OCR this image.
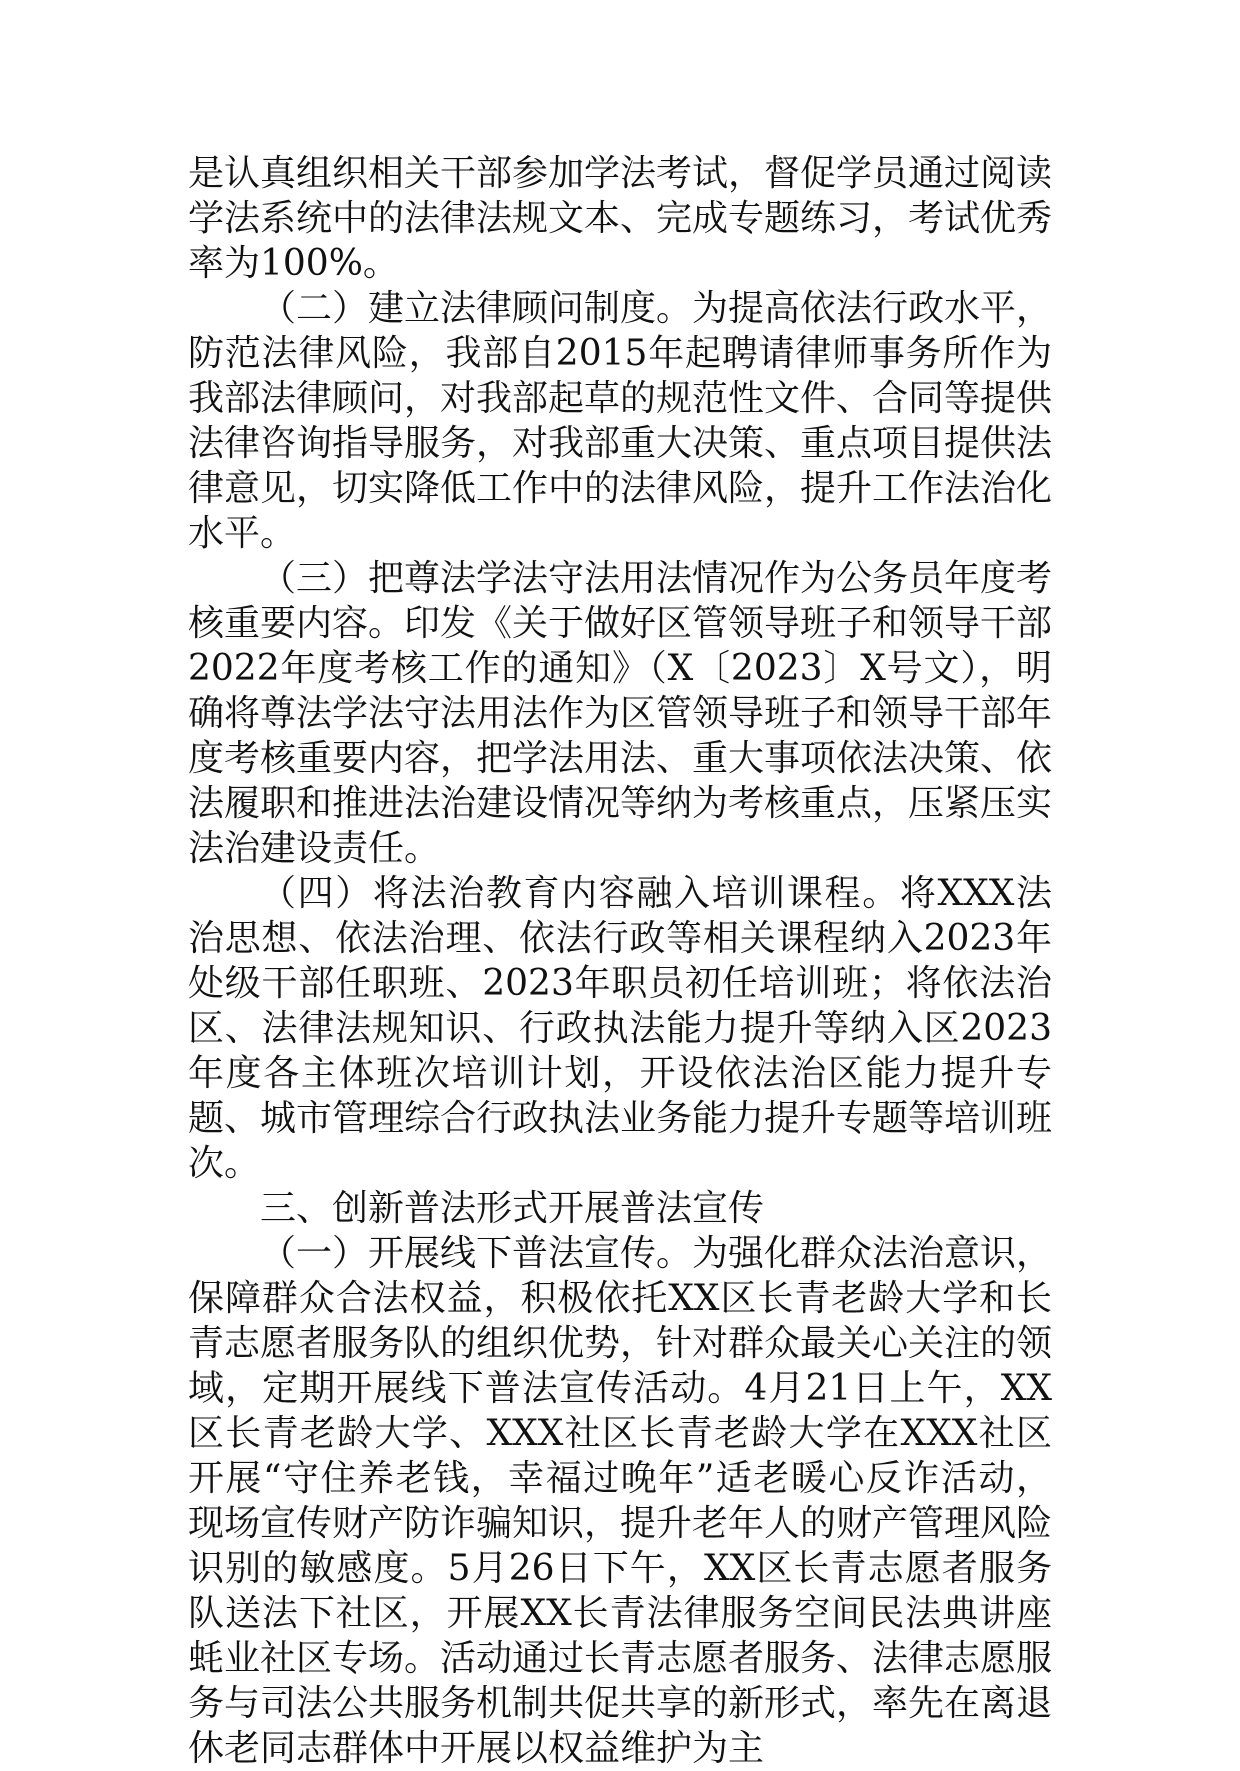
是认真组织相关干部参加学法考试，督促学员通过阅读学法系统中的法律法规文本、完成专题练习，考试优秀率为100%。

（二）建立法律顾问制度。为提高依法行政水平，防范法律风险，我部自2015年起聘请律师事务所作为我部法律顾问，对我部起草的规范性文件、合同等提供法律咨询指导服务，对我部重大决策、重点项目提供法律意见，切实降低工作中的法律风险，提升工作法治化水平。

（三）把尊法学法守法用法情况作为公务员年度考核重要内容。印发《关于做好区管领导班子和领导干部2022年度考核工作的通知》（X〔2023〕X号文），明确将尊法学法守法用法作为区管领导班子和领导干部年度考核重要内容，把学法用法、重大事项依法决策、依法履职和推进法治建设情况等纳为考核重点，压紧压实法治建设责任。

（四）将法治教育内容融入培训课程。将XXX法治思想、依法治理、依法行政等相关课程纳入2023年处级干部任职班、2023年职员初任培训班；将依法治区、法律法规知识、行政执法能力提升等纳入区2023年度各主体班次培训计划，开设依法治区能力提升专题、城市管理综合行政执法业务能力提升专题等培训班次。

三、创新普法形式开展普法宣传

（一）开展线下普法宣传。为强化群众法治意识，保障群众合法权益，积极依托XX区长青老龄大学和长青志愿者服务队的组织优势，针对群众最关心关注的领域，定期开展线下普法宣传活动。4月21日上午，XX区长青老龄大学、XXX社区长青老龄大学在XXX社区开展“守住养老钱，幸福过晚年”适老暖心反诈活动，现场宣传财产防诈骗知识，提升老年人的财产管理风险识别的敏感度。5月26日下午，XX区长青志愿者服务队送法下社区，开展XX长青法律服务空间民法典讲座蚝业社区专场。活动通过长青志愿者服务、法律志愿服务与司法公共服务机制共促共享的新形式，率先在离退休老同志群体中开展以权益维护为主
